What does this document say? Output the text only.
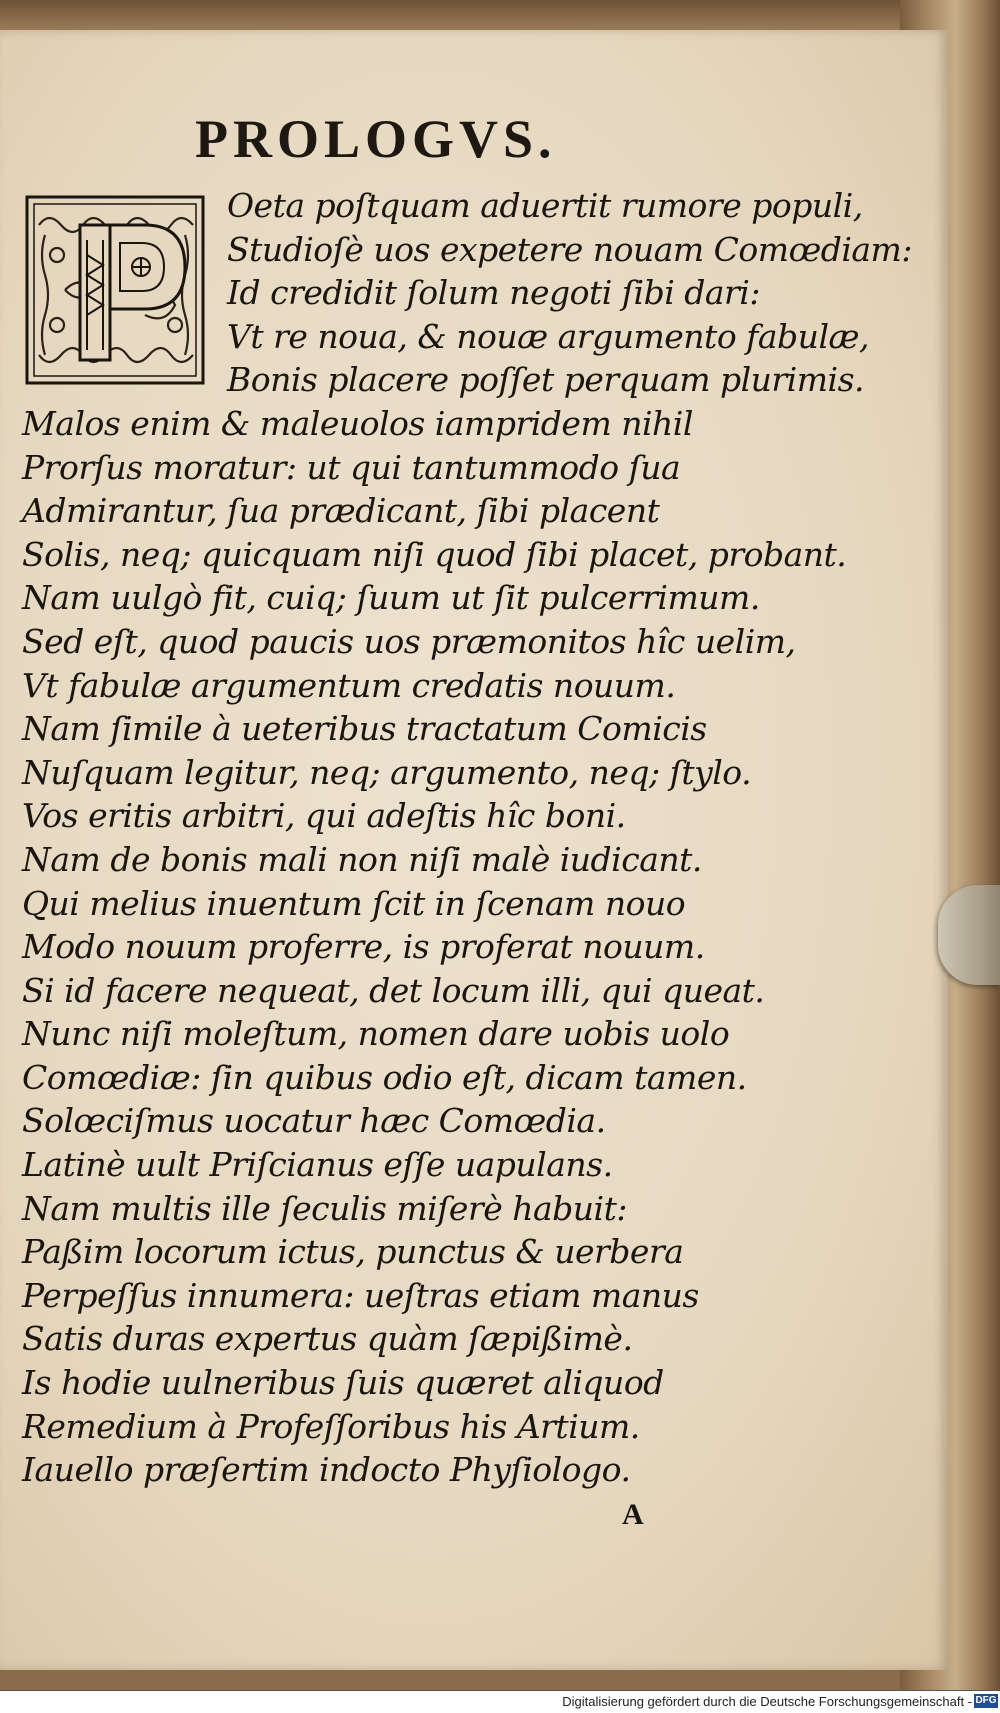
PROLOGVS.
Oeta poſtquam aduertit rumore populi,
Studioſè uos expetere nouam Comœdiam:
Id credidit ſolum negoti ſibi dari:
Vt re noua, & nouæ argumento fabulæ,
Bonis placere poſſet perquam plurimis.
Malos enim & maleuolos iampridem nihil
Prorſus moratur: ut qui tantummodo ſua
Admirantur, ſua prædicant, ſibi placent
Solis, neq; quicquam niſi quod ſibi placet, probant.
Nam uulgò fit, cuiq; ſuum ut ſit pulcerrimum.
Sed eſt, quod paucis uos præmonitos hîc uelim,
Vt fabulæ argumentum credatis nouum.
Nam ſimile à ueteribus tractatum Comicis
Nuſquam legitur, neq; argumento, neq; ſtylo.
Vos eritis arbitri, qui adeſtis hîc boni.
Nam de bonis mali non niſi malè iudicant.
Qui melius inuentum ſcit in ſcenam nouo
Modo nouum proferre, is proferat nouum.
Si id facere nequeat, det locum illi, qui queat.
Nunc niſi moleſtum, nomen dare uobis uolo
Comœdiæ: ſin quibus odio eſt, dicam tamen.
Solœciſmus uocatur hæc Comœdia.
Latinè uult Priſcianus eſſe uapulans.
Nam multis ille ſeculis miſerè habuit:
Paßim locorum ictus, punctus & uerbera
Perpeſſus innumera: ueſtras etiam manus
Satis duras expertus quàm ſæpißimè.
Is hodie uulneribus ſuis quæret aliquod
Remedium à Profeſſoribus his Artium.
Iauello præſertim indocto Phyſiologo.
A
Digitalisierung gefördert durch die Deutsche Forschungsgemeinschaft - DFG
